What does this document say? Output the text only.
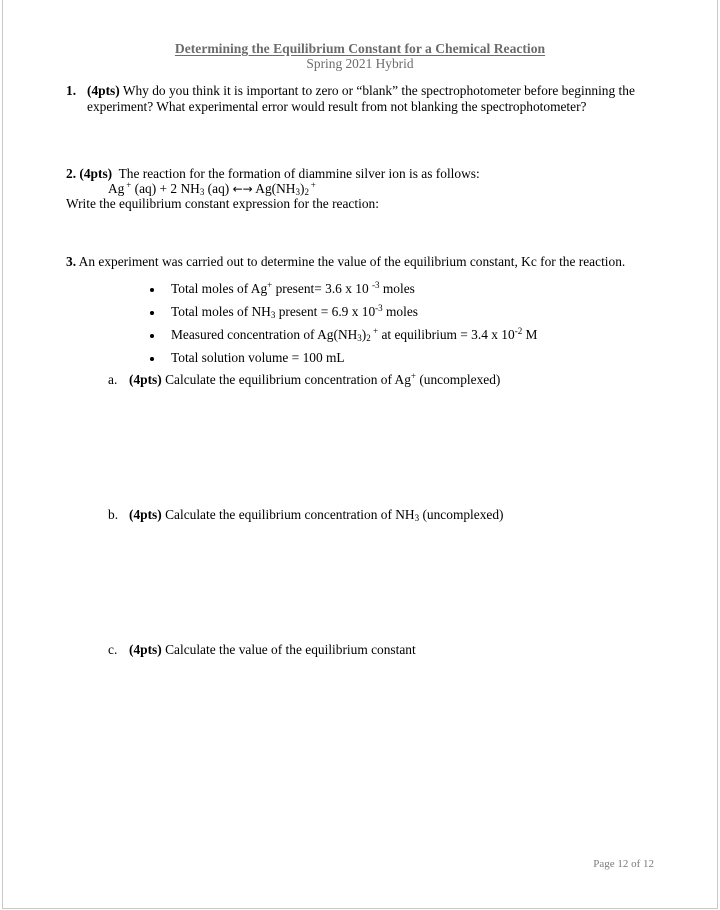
Determining the Equilibrium Constant for a Chemical Reaction
Spring 2021 Hybrid
1. (4pts) Why do you think it is important to zero or “blank” the spectrophotometer before beginning the
experiment? What experimental error would result from not blanking the spectrophotometer?
2. (4pts) The reaction for the formation of diammine silver ion is as follows:
Ag  + (aq) + 2 $NH_3$ (aq) ←→ $Ag(NH_3)_2$ +
Write the equilibrium constant expression for the reaction:
3. An experiment was carried out to determine the value of the equilibrium constant, Kc for the reaction.
Total moles of Ag+ present= 3.6 x 10 $^{-3}$ moles
Total moles of $NH_3$ present = 6.9 x $10^{-3}$ moles
Measured concentration of $Ag(NH_3)_2$ + at equilibrium = 3.4 x $10^{-2}$ M
Total solution volume = 100 mL
a. (4pts) Calculate the equilibrium concentration of Ag+ (uncomplexed)
b. (4pts) Calculate the equilibrium concentration of $NH_3$ (uncomplexed)
c. (4pts) Calculate the value of the equilibrium constant
Page 12 of 12
